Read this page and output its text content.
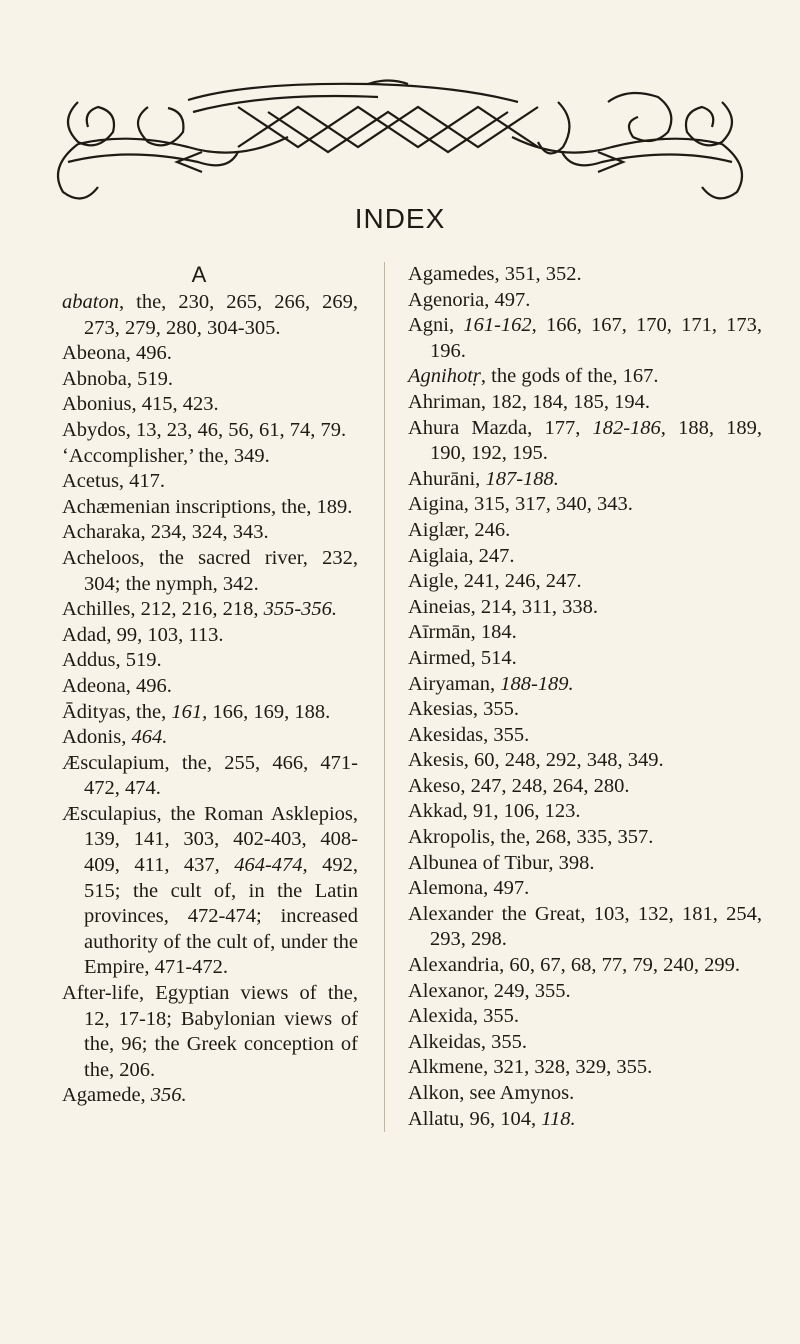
INDEX
A
abaton, the, 230, 265, 266, 269, 273, 279, 280, 304-305.
Abeona, 496.
Abnoba, 519.
Abonius, 415, 423.
Abydos, 13, 23, 46, 56, 61, 74, 79.
‘Accomplisher,’ the, 349.
Acetus, 417.
Achæmenian inscriptions, the, 189.
Acharaka, 234, 324, 343.
Acheloos, the sacred river, 232, 304; the nymph, 342.
Achilles, 212, 216, 218, 355-356.
Adad, 99, 103, 113.
Addus, 519.
Adeona, 496.
Ādityas, the, 161, 166, 169, 188.
Adonis, 464.
Æsculapium, the, 255, 466, 471-472, 474.
Æsculapius, the Roman Asklepios, 139, 141, 303, 402-403, 408-409, 411, 437, 464-474, 492, 515; the cult of, in the Latin provinces, 472-474; increased authority of the cult of, under the Empire, 471-472.
After-life, Egyptian views of the, 12, 17-18; Babylonian views of the, 96; the Greek conception of the, 206.
Agamede, 356.
Agamedes, 351, 352.
Agenoria, 497.
Agni, 161-162, 166, 167, 170, 171, 173, 196.
Agnihotṛ, the gods of the, 167.
Ahriman, 182, 184, 185, 194.
Ahura Mazda, 177, 182-186, 188, 189, 190, 192, 195.
Ahurāni, 187-188.
Aigina, 315, 317, 340, 343.
Aiglær, 246.
Aiglaia, 247.
Aigle, 241, 246, 247.
Aineias, 214, 311, 338.
Aīrmān, 184.
Airmed, 514.
Airyaman, 188-189.
Akesias, 355.
Akesidas, 355.
Akesis, 60, 248, 292, 348, 349.
Akeso, 247, 248, 264, 280.
Akkad, 91, 106, 123.
Akropolis, the, 268, 335, 357.
Albunea of Tibur, 398.
Alemona, 497.
Alexander the Great, 103, 132, 181, 254, 293, 298.
Alexandria, 60, 67, 68, 77, 79, 240, 299.
Alexanor, 249, 355.
Alexida, 355.
Alkeidas, 355.
Alkmene, 321, 328, 329, 355.
Alkon, see Amynos.
Allatu, 96, 104, 118.
